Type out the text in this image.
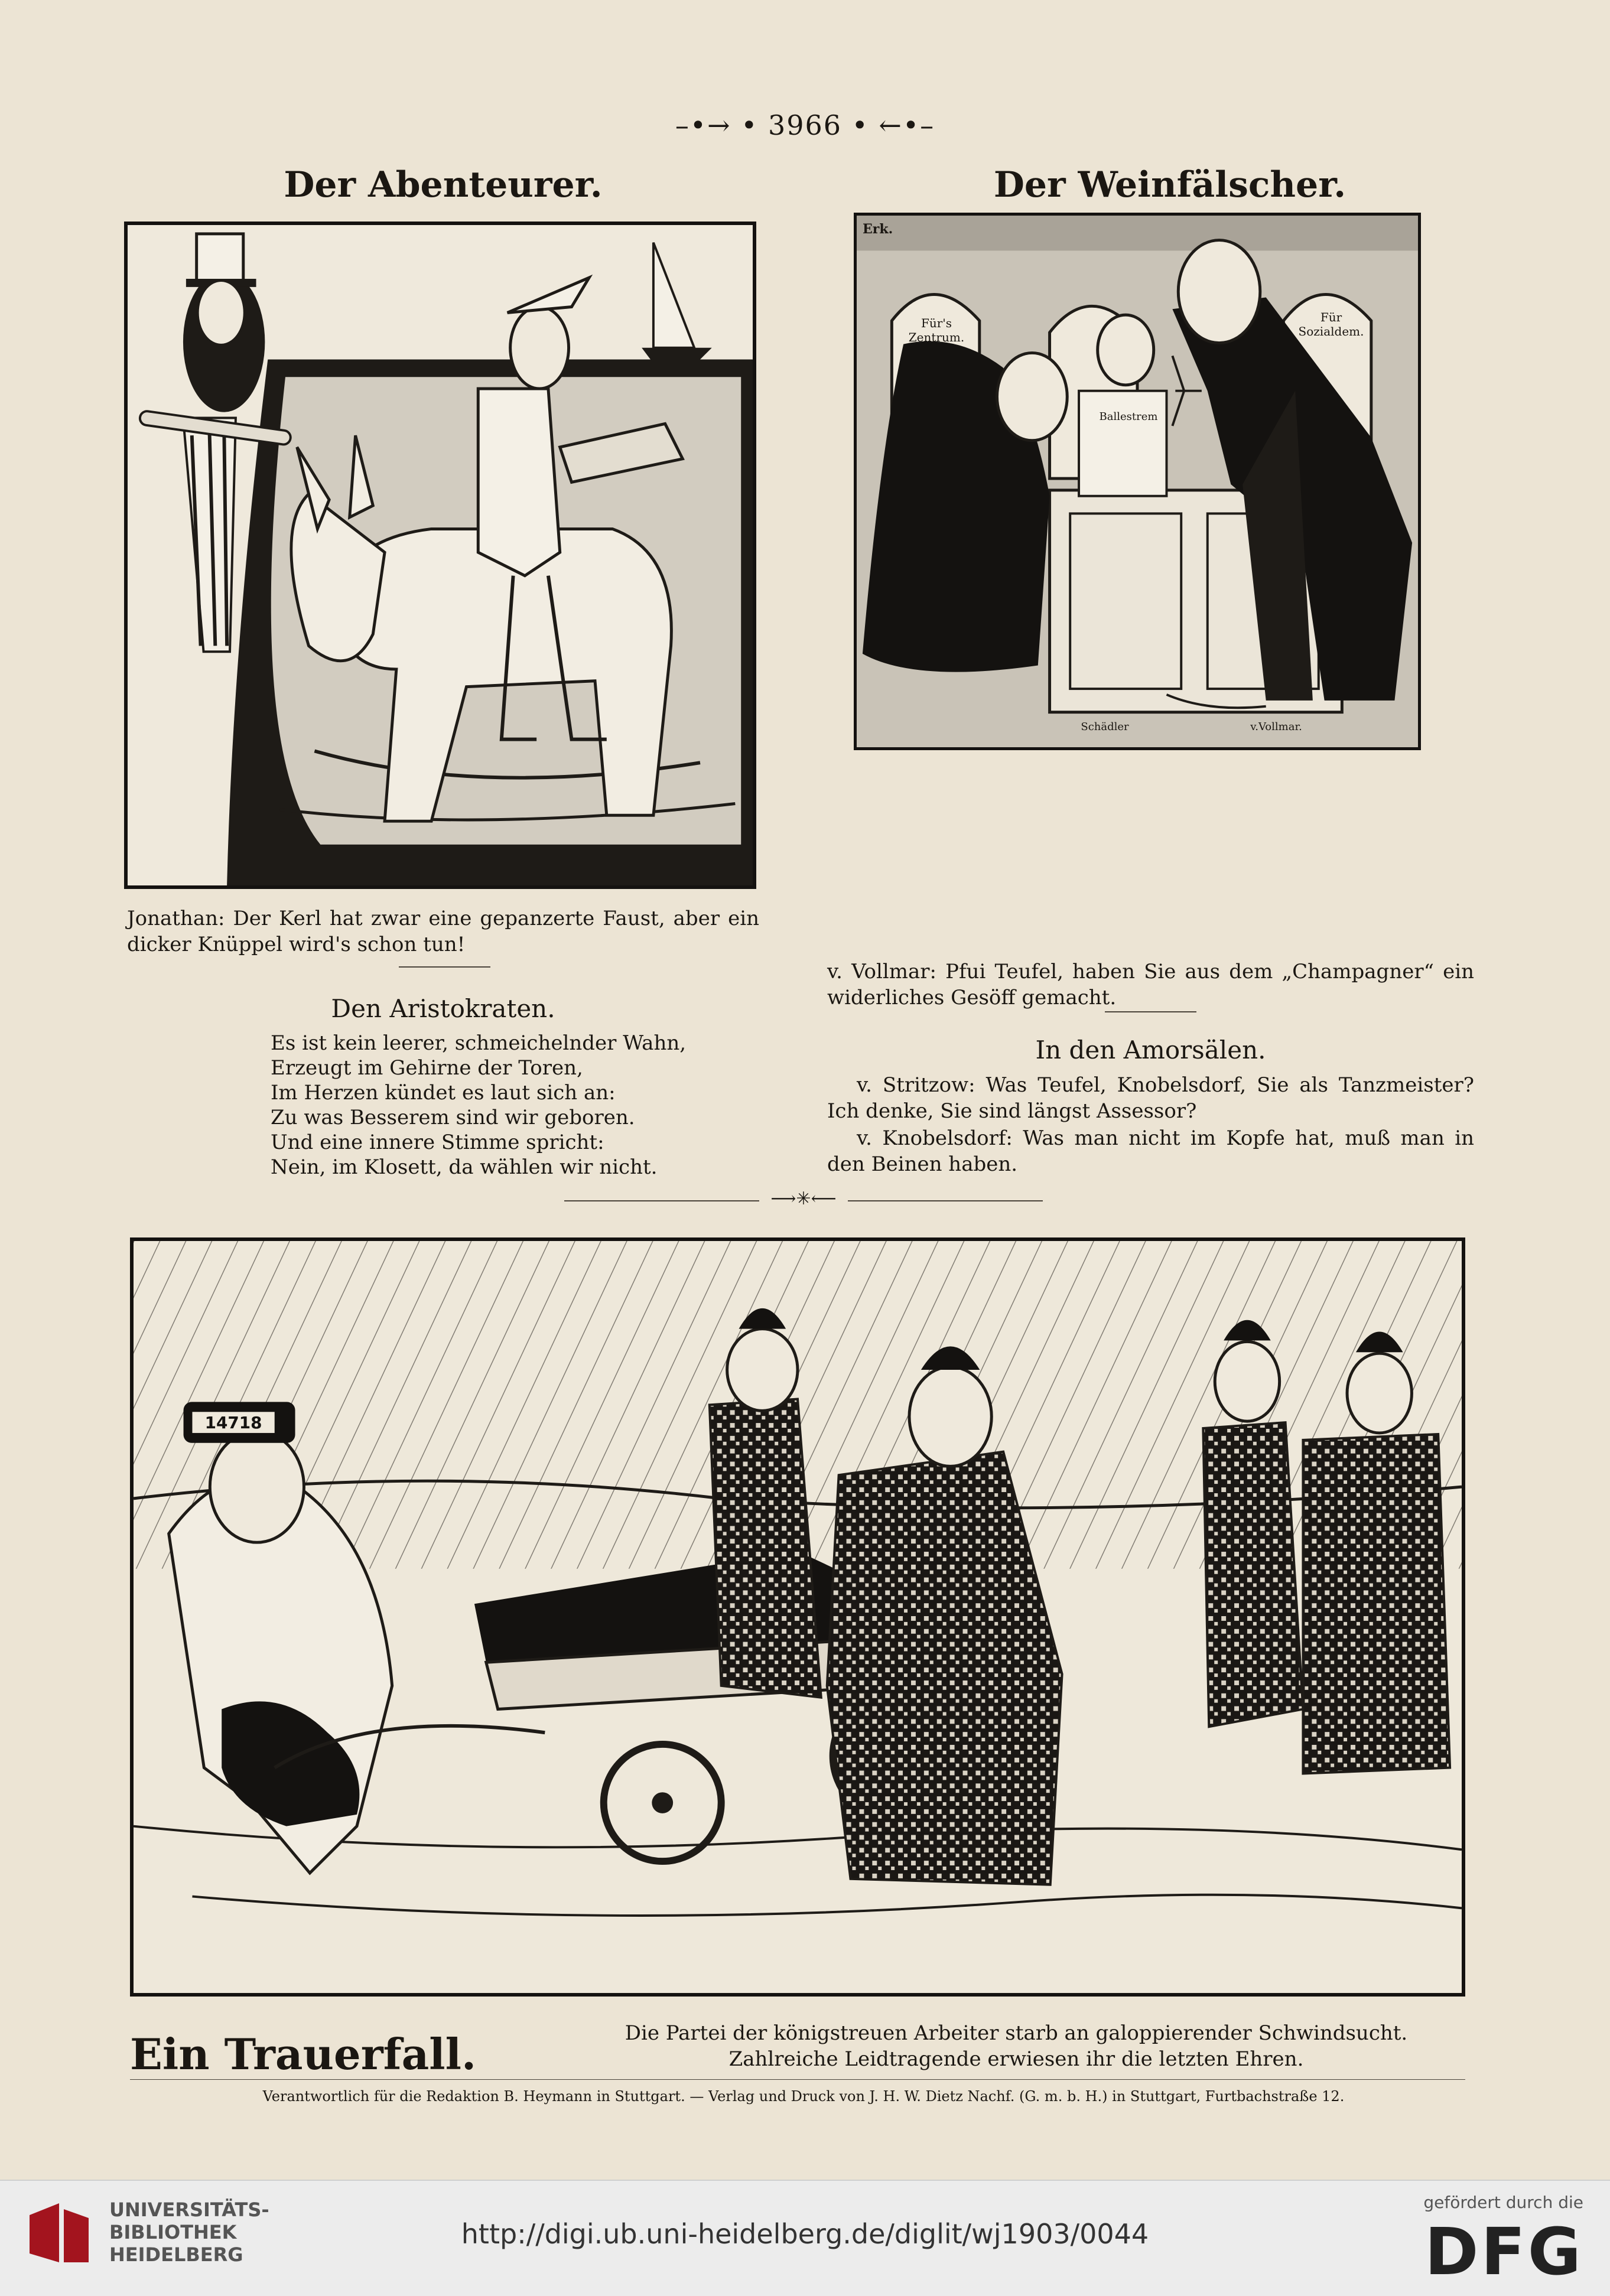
–•→ • 3966 • ←•–
Der Abenteurer.
Jonathan: Der Kerl hat zwar eine gepanzerte Faust, aber ein dicker Knüppel wird's schon tun!
Den Aristokraten.
Es ist kein leerer, schmeichelnder Wahn,
Erzeugt im Gehirne der Toren,
Im Herzen kündet es laut sich an:
Zu was Besserem sind wir geboren.
Und eine innere Stimme spricht:
Nein, im Klosett, da wählen wir nicht.
Der Weinfälscher.
Erk.
Für's Zentrum.
Für Sozialdem.
Ballestrem
Schädler	v.Vollmar.
v. Vollmar: Pfui Teufel, haben Sie aus dem „Champagner“ ein widerliches Gesöff gemacht.
In den Amorsälen.
v. Stritzow: Was Teufel, Knobelsdorf, Sie als Tanzmeister? Ich denke, Sie sind längst Assessor?
v. Knobelsdorf: Was man nicht im Kopfe hat, muß man in den Beinen haben.
⟶✳⟵
14718
Ein Trauerfall.	Die Partei der königstreuen Arbeiter starb an galoppierender Schwindsucht. Zahlreiche Leidtragende erwiesen ihr die letzten Ehren.
Verantwortlich für die Redaktion B. Heymann in Stuttgart. — Verlag und Druck von J. H. W. Dietz Nachf. (G. m. b. H.) in Stuttgart, Furtbachstraße 12.
UNIVERSITÄTS-
BIBLIOTHEK
HEIDELBERG
http://digi.ub.uni-heidelberg.de/diglit/wj1903/0044
gefördert durch die
DFG
